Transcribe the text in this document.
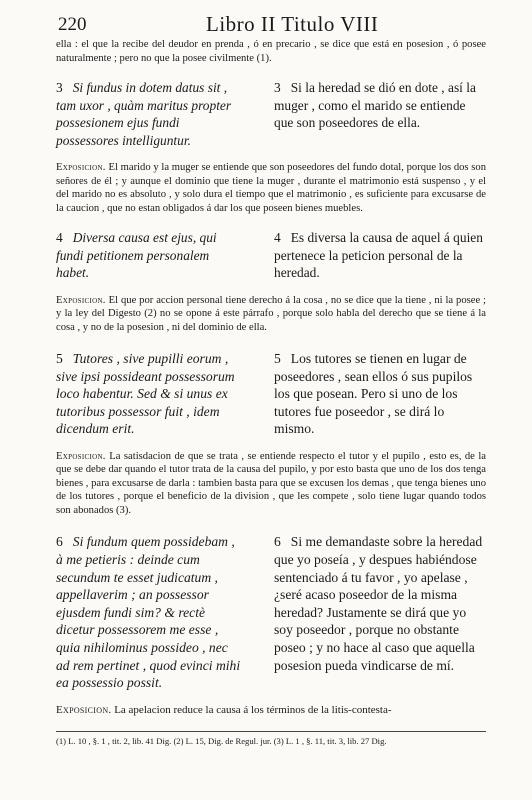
220	Libro II Titulo VIII

ella : el que la recibe del deudor en prenda , ó en precario , se dice que está en posesion , ó posee naturalmente ; pero no que la posee civilmente (1).

3 Si fundus in dotem datus sit , tam uxor , quàm maritus propter possesionem ejus fundi possessores intelliguntur.
3 Si la heredad se dió en dote , así la muger , como el marido se entiende que son poseedores de ella.

Exposicion. El marido y la muger se entiende que son poseedores del fundo dotal, porque los dos son señores de él ; y aunque el dominio que tiene la muger , durante el matrimonio está suspenso , y el del marido no es absoluto , y solo dura el tiempo que el matrimonio , es suficiente para excusarse de la caucion , que no estan obligados á dar los que poseen bienes muebles.

4 Diversa causa est ejus, qui fundi petitionem personalem habet.
4 Es diversa la causa de aquel á quien pertenece la peticion personal de la heredad.

Exposicion. El que por accion personal tiene derecho á la cosa , no se dice que la tiene , ni la posee ; y la ley del Digesto (2) no se opone á este párrafo , porque solo habla del derecho que se tiene á la cosa , y no de la posesion , ni del dominio de ella.

5 Tutores , sive pupilli eorum , sive ipsi possideant possessorum loco habentur. Sed & si unus ex tutoribus possessor fuit , idem dicendum erit.
5 Los tutores se tienen en lugar de poseedores , sean ellos ó sus pupilos los que posean. Pero si uno de los tutores fue poseedor , se dirá lo mismo.

Exposicion. La satisdacion de que se trata , se entiende respecto el tutor y el pupilo , esto es, de la que se debe dar quando el tutor trata de la causa del pupilo, y por esto basta que uno de los dos tenga bienes , para excusarse de darla : tambien basta para que se excusen los demas , que tenga bienes uno de los tutores , porque el beneficio de la division , que les compete , solo tiene lugar quando todos son abonados (3).

6 Si fundum quem possidebam , à me petieris : deinde cum secundum te esset judicatum , appellaverim ; an possessor ejusdem fundi sim? & rectè dicetur possessorem me esse , quia nihilominus possideo , nec ad rem pertinet , quod evinci mihi ea possessio possit.
6 Si me demandaste sobre la heredad que yo poseía , y despues habiéndose sentenciado á tu favor , yo apelase , ¿seré acaso poseedor de la misma heredad? Justamente se dirá que yo soy poseedor , porque no obstante poseo ; y no hace al caso que aquella posesion pueda vindicarse de mí.

Exposicion. La apelacion reduce la causa á los términos de la litis-contesta-

(1) L. 10 , §. 1 , tit. 2, lib. 41 Dig. (2) L. 15, Dig. de Regul. jur. (3) L. 1 , §. 11, tit. 3, lib. 27 Dig.
